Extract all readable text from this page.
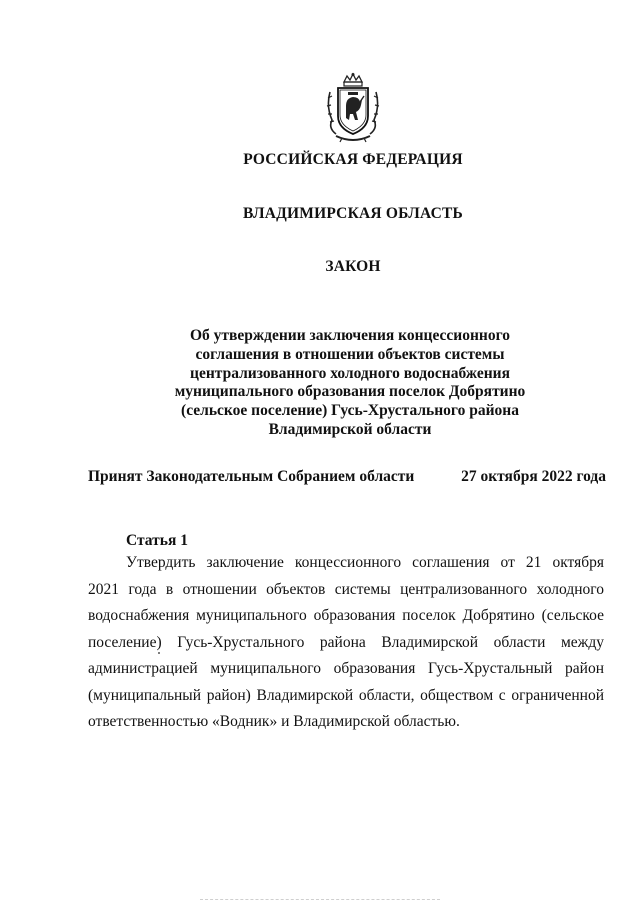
РОССИЙСКАЯ ФЕДЕРАЦИЯ
ВЛАДИМИРСКАЯ ОБЛАСТЬ
ЗАКОН
Об утверждении заключения концессионного
соглашения в отношении объектов системы
централизованного холодного водоснабжения
муниципального образования поселок Добрятино
(сельское поселение) Гусь-Хрустального района
Владимирской области
Принят Законодательным Собранием области	27 октября 2022 года
Статья 1
Утвердить заключение концессионного соглашения от 21 октября
2021 года в отношении объектов системы централизованного холодного
водоснабжения муниципального образования поселок Добрятино (сельское
поселение) Гусь-Хрустального района Владимирской области между
администрацией муниципального образования Гусь-Хрустальный район
(муниципальный район) Владимирской области, обществом с ограниченной
ответственностью «Водник» и Владимирской областью.
